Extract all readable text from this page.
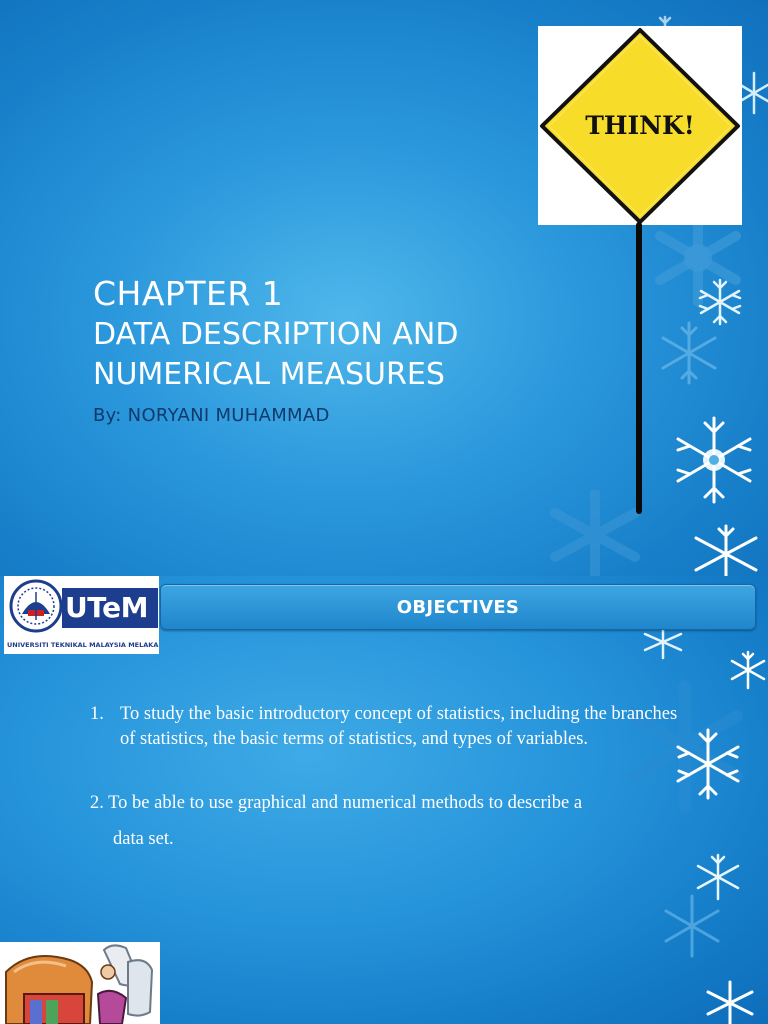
THINK!
CHAPTER 1
DATA DESCRIPTION AND
NUMERICAL MEASURES
By: NORYANI MUHAMMAD
UTeM
UNIVERSITI TEKNIKAL MALAYSIA MELAKA
OBJECTIVES
1. To study the basic introductory concept of statistics, including the branches of statistics, the basic terms of statistics, and types of variables.
2. To be able to use graphical and numerical methods to describe a
data set.
